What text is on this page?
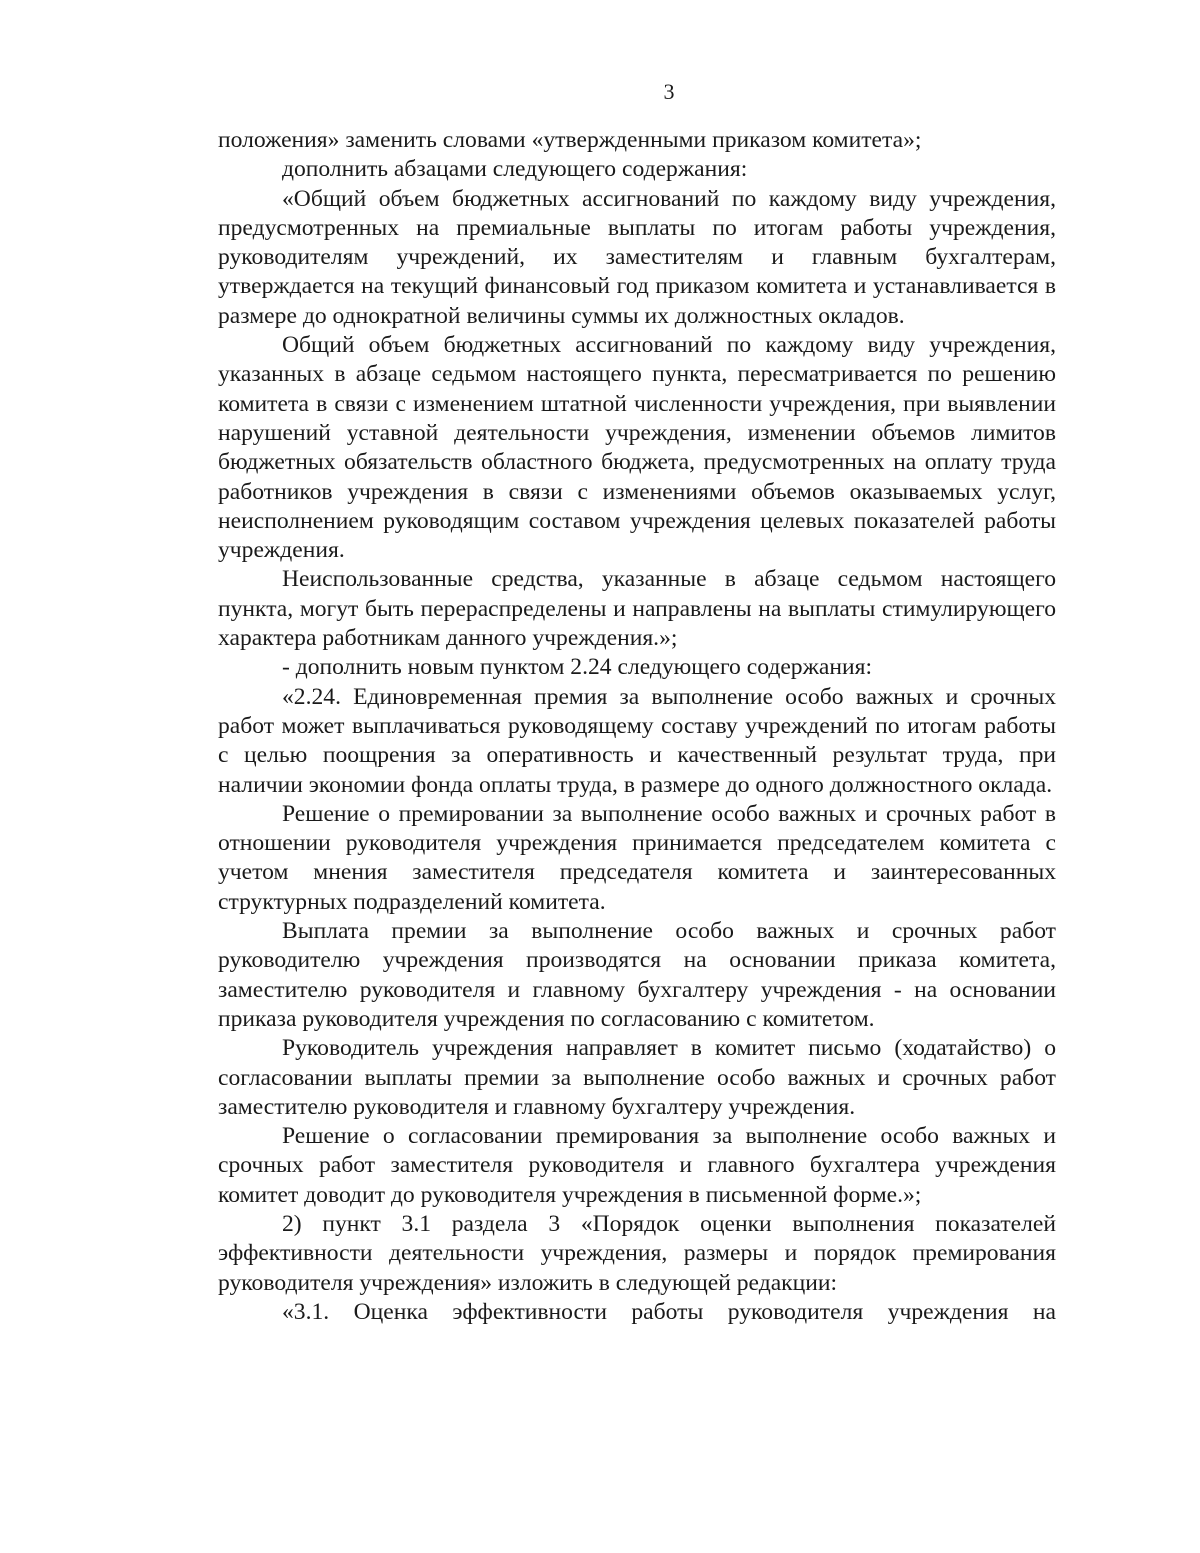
3

положения» заменить словами «утвержденными приказом комитета»;

дополнить абзацами следующего содержания:

«Общий объем бюджетных ассигнований по каждому виду учреждения, предусмотренных на премиальные выплаты по итогам работы учреждения, руководителям учреждений, их заместителям и главным бухгалтерам, утверждается на текущий финансовый год приказом комитета и устанавливается в размере до однократной величины суммы их должностных окладов.

Общий объем бюджетных ассигнований по каждому виду учреждения, указанных в абзаце седьмом настоящего пункта, пересматривается по решению комитета в связи с изменением штатной численности учреждения, при выявлении нарушений уставной деятельности учреждения, изменении объемов лимитов бюджетных обязательств областного бюджета, предусмотренных на оплату труда работников учреждения в связи с изменениями объемов оказываемых услуг, неисполнением руководящим составом учреждения целевых показателей работы учреждения.

Неиспользованные средства, указанные в абзаце седьмом настоящего пункта, могут быть перераспределены и направлены на выплаты стимулирующего характера работникам данного учреждения.»;

- дополнить новым пунктом 2.24 следующего содержания:

«2.24. Единовременная премия за выполнение особо важных и срочных работ может выплачиваться руководящему составу учреждений по итогам работы с целью поощрения за оперативность и качественный результат труда, при наличии экономии фонда оплаты труда, в размере до одного должностного оклада.

Решение о премировании за выполнение особо важных и срочных работ в отношении руководителя учреждения принимается председателем комитета с учетом мнения заместителя председателя комитета и заинтересованных структурных подразделений комитета.

Выплата премии за выполнение особо важных и срочных работ руководителю учреждения производятся на основании приказа комитета, заместителю руководителя и главному бухгалтеру учреждения - на основании приказа руководителя учреждения по согласованию с комитетом.

Руководитель учреждения направляет в комитет письмо (ходатайство) о согласовании выплаты премии за выполнение особо важных и срочных работ заместителю руководителя и главному бухгалтеру учреждения.

Решение о согласовании премирования за выполнение особо важных и срочных работ заместителя руководителя и главного бухгалтера учреждения комитет доводит до руководителя учреждения в письменной форме.»;

2) пункт 3.1 раздела 3 «Порядок оценки выполнения показателей эффективности деятельности учреждения, размеры и порядок премирования руководителя учреждения» изложить в следующей редакции:

«3.1. Оценка эффективности работы руководителя учреждения на
